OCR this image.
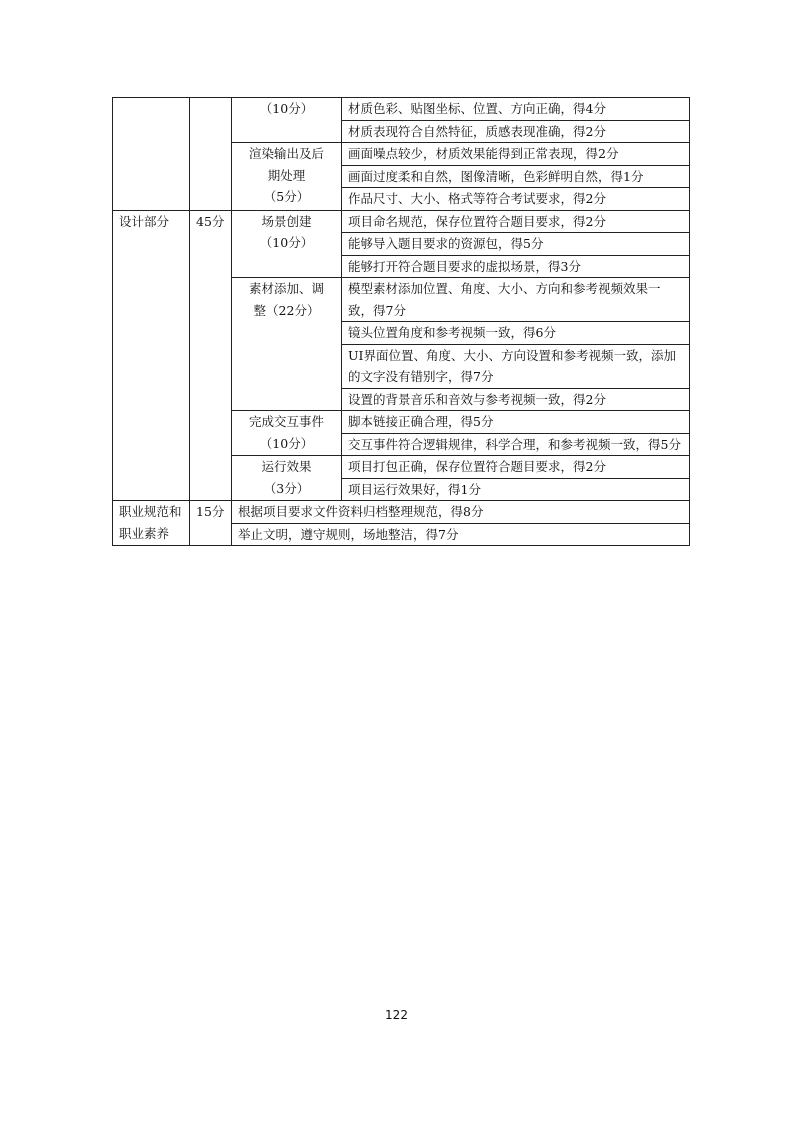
		（10分）	材质色彩、贴图坐标、位置、方向正确，得4分
			材质表现符合自然特征，质感表现准确，得2分

		渲染输出及后
期处理
（5分）	画面噪点较少，材质效果能得到正常表现，得2分
			画面过度柔和自然，图像清晰，色彩鲜明自然，得1分
			作品尺寸、大小、格式等符合考试要求，得2分
设计部分	45分	场景创建
（10分）	项目命名规范，保存位置符合题目要求，得2分
			能够导入题目要求的资源包，得5分
			能够打开符合题目要求的虚拟场景，得3分

		素材添加、调
整（22分）	模型素材添加位置、角度、大小、方向和参考视频效果一致，得7分
			镜头位置角度和参考视频一致，得6分
			UI界面位置、角度、大小、方向设置和参考视频一致，添加的文字没有错别字，得7分

			设置的背景音乐和音效与参考视频一致，得2分

		完成交互事件
（10分）	脚本链接正确合理，得5分
			交互事件符合逻辑规律，科学合理，和参考视频一致，得5分

		运行效果
（3分）	项目打包正确，保存位置符合题目要求，得2分
			项目运行效果好，得1分

职业规范和职业素养	15分	根据项目要求文件资料归档整理规范，得8分	
		举止文明，遵守规则，场地整洁，得7分	

122
